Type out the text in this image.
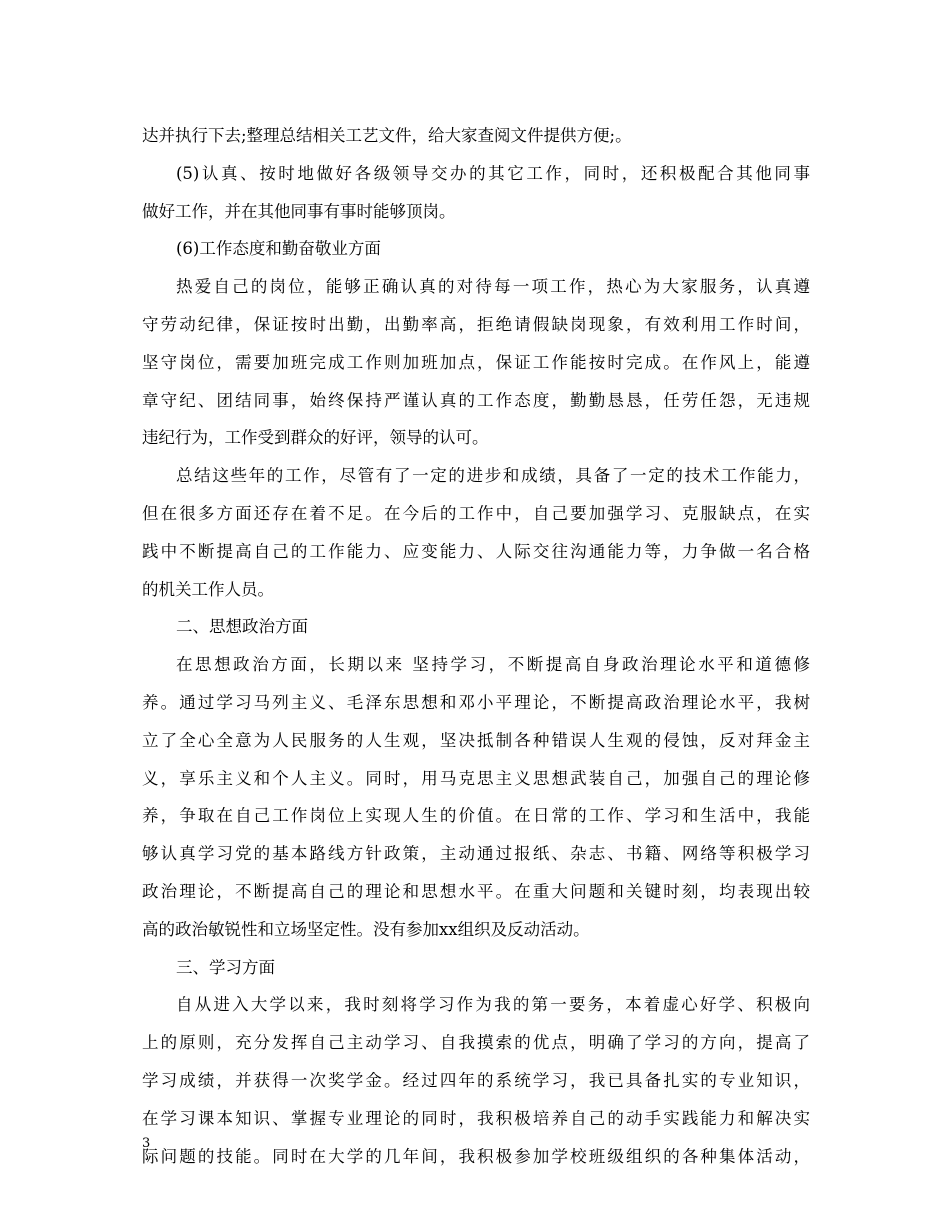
达并执行下去;整理总结相关工艺文件，给大家查阅文件提供方便;。
(5)认真、按时地做好各级领导交办的其它工作，同时，还积极配合其他同事
做好工作，并在其他同事有事时能够顶岗。
(6)工作态度和勤奋敬业方面
热爱自己的岗位，能够正确认真的对待每一项工作，热心为大家服务，认真遵
守劳动纪律，保证按时出勤，出勤率高，拒绝请假缺岗现象，有效利用工作时间，
坚守岗位，需要加班完成工作则加班加点，保证工作能按时完成。在作风上，能遵
章守纪、团结同事，始终保持严谨认真的工作态度，勤勤恳恳，任劳任怨，无违规
违纪行为，工作受到群众的好评，领导的认可。
总结这些年的工作，尽管有了一定的进步和成绩，具备了一定的技术工作能力，
但在很多方面还存在着不足。在今后的工作中，自己要加强学习、克服缺点，在实
践中不断提高自己的工作能力、应变能力、人际交往沟通能力等，力争做一名合格
的机关工作人员。
二、思想政治方面
在思想政治方面，长期以来 坚持学习，不断提高自身政治理论水平和道德修
养。通过学习马列主义、毛泽东思想和邓小平理论，不断提高政治理论水平，我树
立了全心全意为人民服务的人生观，坚决抵制各种错误人生观的侵蚀，反对拜金主
义，享乐主义和个人主义。同时，用马克思主义思想武装自己，加强自己的理论修
养，争取在自己工作岗位上实现人生的价值。在日常的工作、学习和生活中，我能
够认真学习党的基本路线方针政策，主动通过报纸、杂志、书籍、网络等积极学习
政治理论，不断提高自己的理论和思想水平。在重大问题和关键时刻，均表现出较
高的政治敏锐性和立场坚定性。没有参加xx组织及反动活动。
三、学习方面
自从进入大学以来，我时刻将学习作为我的第一要务，本着虚心好学、积极向
上的原则，充分发挥自己主动学习、自我摸索的优点，明确了学习的方向，提高了
学习成绩，并获得一次奖学金。经过四年的系统学习，我已具备扎实的专业知识，
在学习课本知识、掌握专业理论的同时，我积极培养自己的动手实践能力和解决实
际问题的技能。同时在大学的几年间，我积极参加学校班级组织的各种集体活动，
3
